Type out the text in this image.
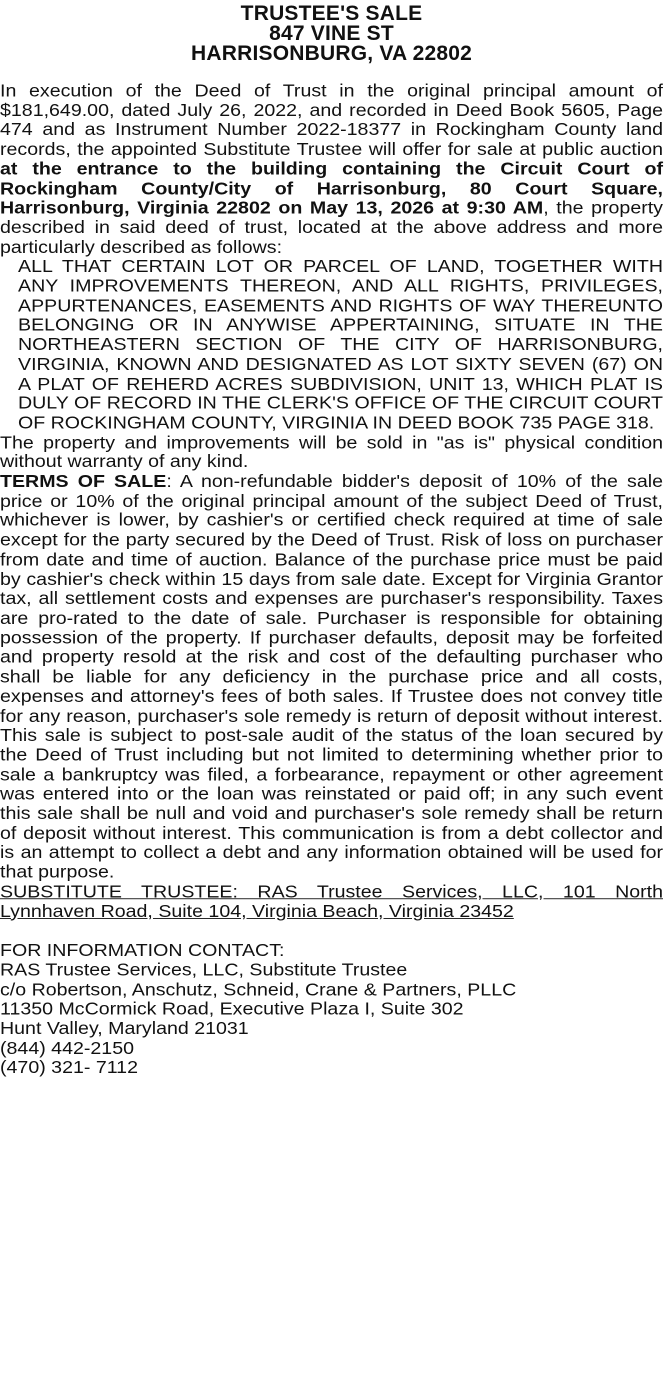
TRUSTEE'S SALE
847 VINE ST
HARRISONBURG, VA 22802

In execution of the Deed of Trust in the original principal amount of $181,649.00, dated July 26, 2022, and recorded in Deed Book 5605, Page 474 and as Instrument Number 2022-18377 in Rockingham County land records, the appointed Substitute Trustee will offer for sale at public auction at the entrance to the building containing the Circuit Court of Rockingham County/City of Harrisonburg, 80 Court Square, Harrisonburg, Virginia 22802 on May 13, 2026 at 9:30 AM, the property described in said deed of trust, located at the above address and more particularly described as follows:

ALL THAT CERTAIN LOT OR PARCEL OF LAND, TOGETHER WITH ANY IMPROVEMENTS THEREON, AND ALL RIGHTS, PRIVILEGES, APPURTENANCES, EASEMENTS AND RIGHTS OF WAY THEREUNTO BELONGING OR IN ANYWISE APPERTAINING, SITUATE IN THE NORTHEASTERN SECTION OF THE CITY OF HARRISONBURG, VIRGINIA, KNOWN AND DESIGNATED AS LOT SIXTY SEVEN (67) ON A PLAT OF REHERD ACRES SUBDIVISION, UNIT 13, WHICH PLAT IS DULY OF RECORD IN THE CLERK'S OFFICE OF THE CIRCUIT COURT OF ROCKINGHAM COUNTY, VIRGINIA IN DEED BOOK 735 PAGE 318.

The property and improvements will be sold in "as is" physical condition without warranty of any kind.

TERMS OF SALE: A non-refundable bidder's deposit of 10% of the sale price or 10% of the original principal amount of the subject Deed of Trust, whichever is lower, by cashier's or certified check required at time of sale except for the party secured by the Deed of Trust. Risk of loss on purchaser from date and time of auction. Balance of the purchase price must be paid by cashier's check within 15 days from sale date. Except for Virginia Grantor tax, all settlement costs and expenses are purchaser's responsibility. Taxes are pro-rated to the date of sale. Purchaser is responsible for obtaining possession of the property. If purchaser defaults, deposit may be forfeited and property resold at the risk and cost of the defaulting purchaser who shall be liable for any deficiency in the purchase price and all costs, expenses and attorney's fees of both sales. If Trustee does not convey title for any reason, purchaser's sole remedy is return of deposit without interest. This sale is subject to post-sale audit of the status of the loan secured by the Deed of Trust including but not limited to determining whether prior to sale a bankruptcy was filed, a forbearance, repayment or other agreement was entered into or the loan was reinstated or paid off; in any such event this sale shall be null and void and purchaser's sole remedy shall be return of deposit without interest. This communication is from a debt collector and is an attempt to collect a debt and any information obtained will be used for that purpose.

SUBSTITUTE TRUSTEE: RAS Trustee Services, LLC, 101 North Lynnhaven Road, Suite 104, Virginia Beach, Virginia 23452

FOR INFORMATION CONTACT:
RAS Trustee Services, LLC, Substitute Trustee
c/o Robertson, Anschutz, Schneid, Crane & Partners, PLLC
11350 McCormick Road, Executive Plaza I, Suite 302
Hunt Valley, Maryland 21031
(844) 442-2150
(470) 321- 7112
